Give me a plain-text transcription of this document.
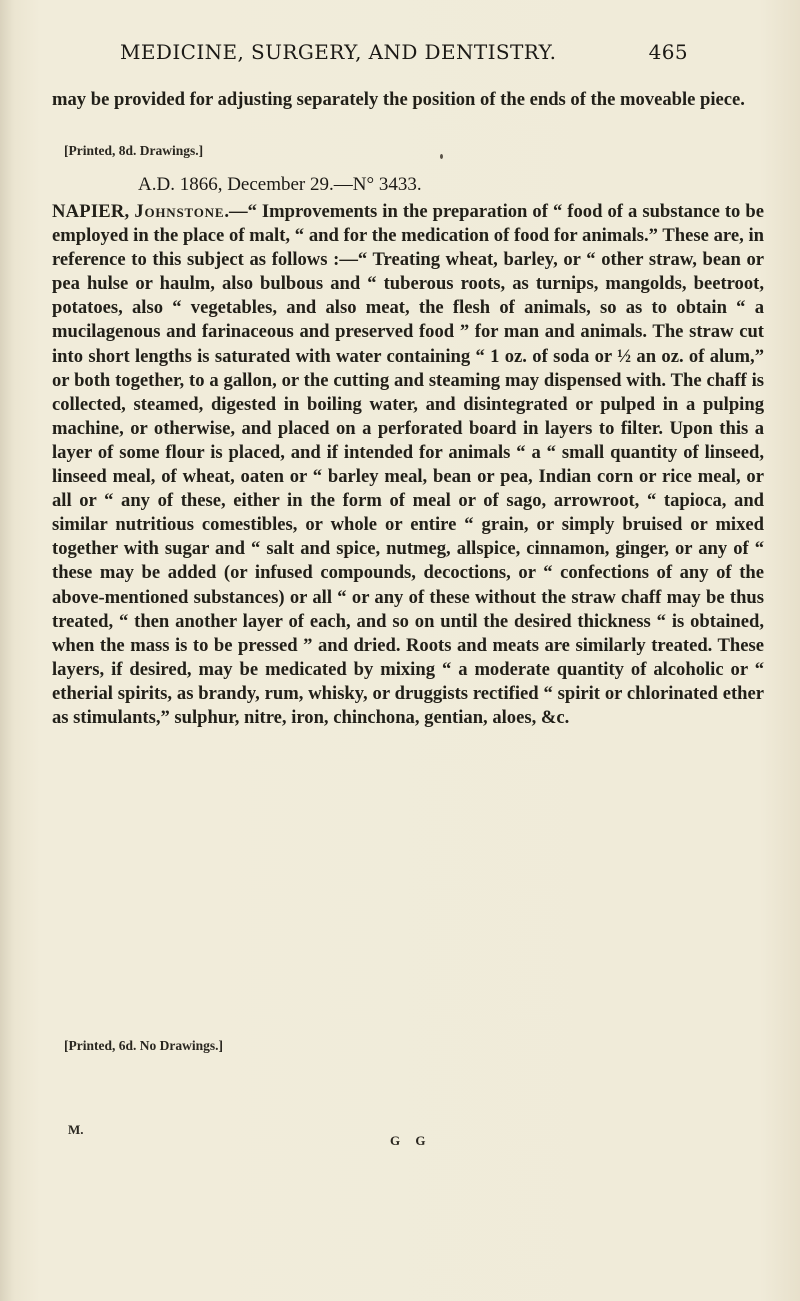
MEDICINE, SURGERY, AND DENTISTRY.	465
may be provided for adjusting separately the position of the ends of the moveable piece.
[Printed, 8d. Drawings.]
A.D. 1866, December 29.—N° 3433.
NAPIER, Johnstone.—“ Improvements in the preparation of “ food of a substance to be employed in the place of malt, “ and for the medication of food for animals.” These are, in reference to this subject as follows :—“ Treating wheat, barley, or “ other straw, bean or pea hulse or haulm, also bulbous and “ tuberous roots, as turnips, mangolds, beetroot, potatoes, also “ vegetables, and also meat, the flesh of animals, so as to obtain “ a mucilagenous and farinaceous and preserved food ” for man and animals. The straw cut into short lengths is saturated with water containing “ 1 oz. of soda or ½ an oz. of alum,” or both together, to a gallon, or the cutting and steaming may dispensed with. The chaff is collected, steamed, digested in boiling water, and disintegrated or pulped in a pulping machine, or otherwise, and placed on a perforated board in layers to filter. Upon this a layer of some flour is placed, and if intended for animals “ a “ small quantity of linseed, linseed meal, of wheat, oaten or “ barley meal, bean or pea, Indian corn or rice meal, or all or “ any of these, either in the form of meal or of sago, arrowroot, “ tapioca, and similar nutritious comestibles, or whole or entire “ grain, or simply bruised or mixed together with sugar and “ salt and spice, nutmeg, allspice, cinnamon, ginger, or any of “ these may be added (or infused compounds, decoctions, or “ confections of any of the above-mentioned substances) or all “ or any of these without the straw chaff may be thus treated, “ then another layer of each, and so on until the desired thickness “ is obtained, when the mass is to be pressed ” and dried. Roots and meats are similarly treated. These layers, if desired, may be medicated by mixing “ a moderate quantity of alcoholic or “ etherial spirits, as brandy, rum, whisky, or druggists rectified “ spirit or chlorinated ether as stimulants,” sulphur, nitre, iron, chinchona, gentian, aloes, &c.
[Printed, 6d. No Drawings.]
M.
G G
